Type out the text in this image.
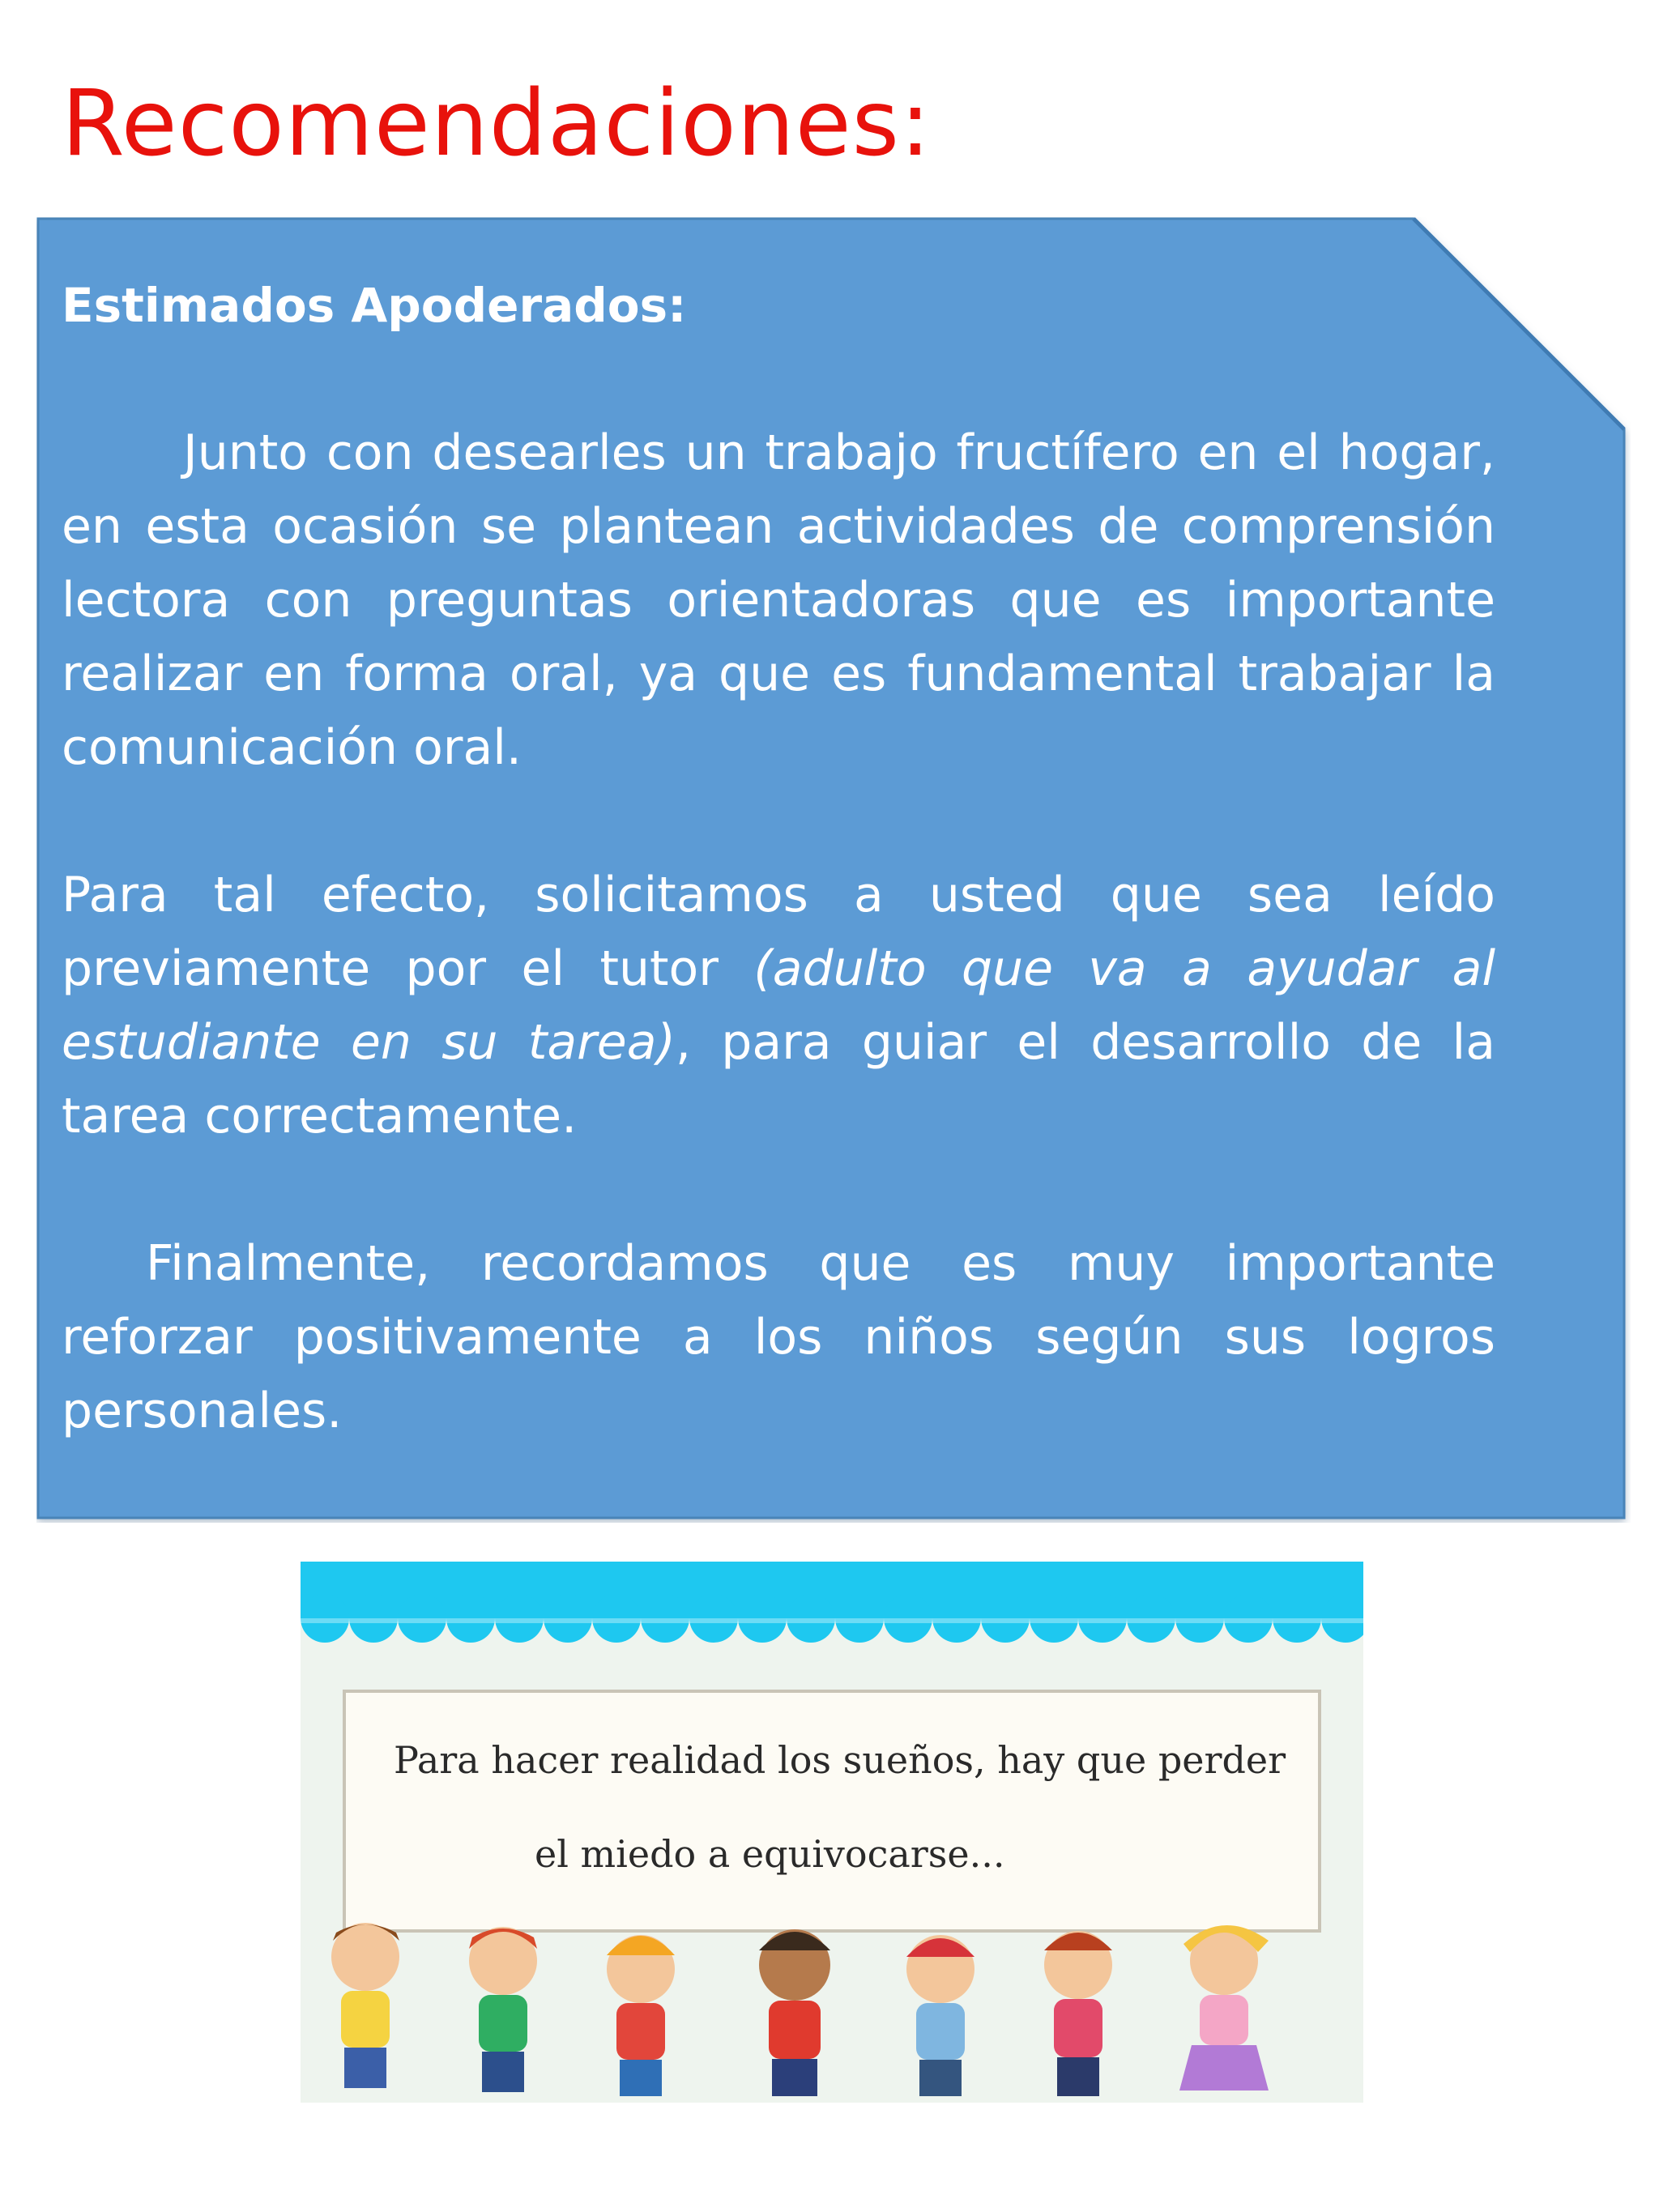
Recomendaciones:

Estimados Apoderados:

Junto con desearles un trabajo fructífero en el hogar, en esta ocasión se plantean actividades de comprensión lectora con preguntas orientadoras que es importante realizar en forma oral, ya que es fundamental trabajar la comunicación oral.

Para tal efecto, solicitamos a usted que sea leído previamente por el tutor (adulto que va a ayudar al estudiante en su tarea), para guiar el desarrollo de la tarea correctamente.

Finalmente, recordamos que es muy importante reforzar positivamente a los niños según sus logros personales.

Para hacer realidad los sueños, hay que perder
el miedo a equivocarse...
